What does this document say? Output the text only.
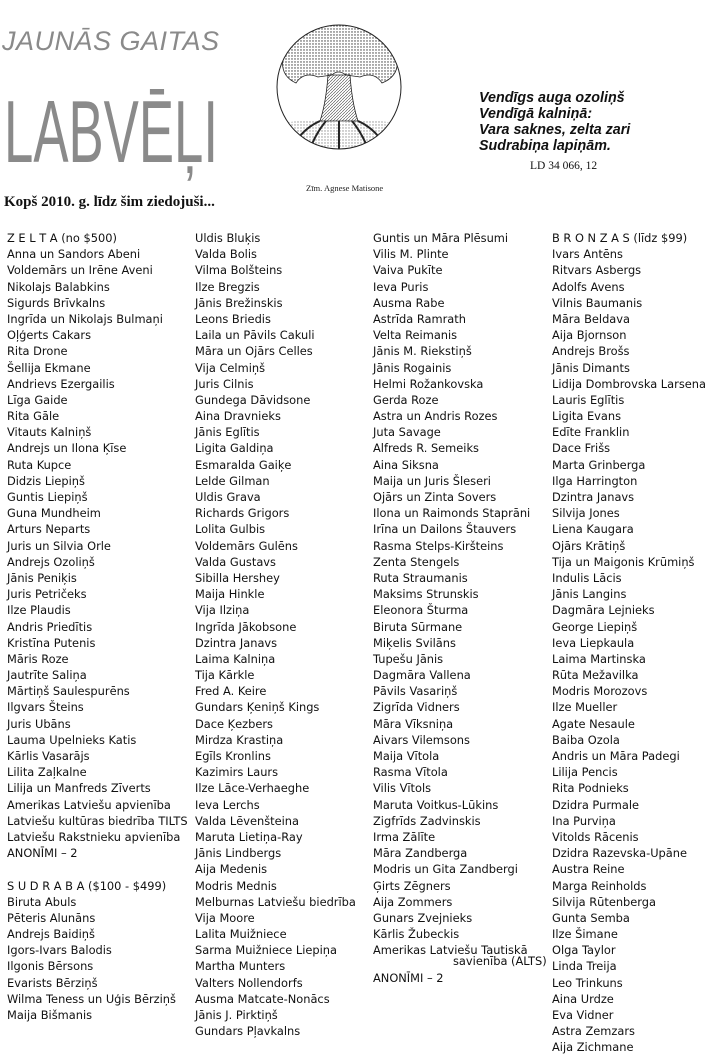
JAUNĀS GAITAS
LABVĒĻI
Zīm. Agnese Matisone
Vendīgs auga ozoliņš
Vendīgā kalniņā:
Vara saknes, zelta zari
Sudrabiņa lapiņām.
LD 34 066, 12
Kopš 2010. g. līdz šim ziedojuši...
Z E L T A (no $500)
Anna un Sandors Abeni
Voldemārs un Irēne Aveni
Nikolajs Balabkins
Sigurds Brīvkalns
Ingrīda un Nikolajs Bulmaņi
Oļģerts Cakars
Rita Drone
Šellija Ekmane
Andrievs Ezergailis
Līga Gaide
Rita Gāle
Vitauts Kalniņš
Andrejs un Ilona Ķīse
Ruta Kupce
Didzis Liepiņš
Guntis Liepiņš
Guna Mundheim
Arturs Neparts
Juris un Silvia Orle
Andrejs Ozoliņš
Jānis Peniķis
Juris Petričeks
Ilze Plaudis
Andris Priedītis
Kristīna Putenis
Māris Roze
Jautrīte Saliņa
Mārtiņš Saulespurēns
Ilgvars Šteins
Juris Ubāns
Lauma Upelnieks Katis
Kārlis Vasarājs
Lilita Zaļkalne
Lilija un Manfreds Zīverts
Amerikas Latviešu apvienība
Latviešu kultūras biedrība TILTS
Latviešu Rakstnieku apvienība
ANONĪMI – 2
S U D R A B A ($100 - $499)
Biruta Abuls
Pēteris Alunāns
Andrejs Baidiņš
Igors-Ivars Balodis
Ilgonis Bērsons
Evarists Bērziņš
Wilma Teness un Uģis Bērziņš
Maija Bišmanis
Uldis Bluķis
Valda Bolis
Vilma Bolšteins
Ilze Bregzis
Jānis Brežinskis
Leons Briedis
Laila un Pāvils Cakuli
Māra un Ojārs Celles
Vija Celmiņš
Juris Cilnis
Gundega Dāvidsone
Aina Dravnieks
Jānis Eglītis
Ligita Galdiņa
Esmaralda Gaiķe
Lelde Gilman
Uldis Grava
Richards Grigors
Lolita Gulbis
Voldemārs Gulēns
Valda Gustavs
Sibilla Hershey
Maija Hinkle
Vija Ilziņa
Ingrīda Jākobsone
Dzintra Janavs
Laima Kalniņa
Tija Kārkle
Fred A. Keire
Gundars Ķeniņš Kings
Dace Ķezbers
Mirdza Krastiņa
Egīls Kronlins
Kazimirs Laurs
Ilze Lāce-Verhaeghe
Ieva Lerchs
Valda Lēvenšteina
Maruta Lietiņa-Ray
Jānis Lindbergs
Aija Medenis
Modris Mednis
Melburnas Latviešu biedrība
Vija Moore
Lalita Muižniece
Sarma Muižniece Liepiņa
Martha Munters
Valters Nollendorfs
Ausma Matcate-Nonācs
Jānis J. Pirktiņš
Gundars Pļavkalns
Guntis un Māra Plēsumi
Vilis M. Plinte
Vaiva Pukīte
Ieva Puris
Ausma Rabe
Astrīda Ramrath
Velta Reimanis
Jānis M. Riekstiņš
Jānis Rogainis
Helmi Rožankovska
Gerda Roze
Astra un Andris Rozes
Juta Savage
Alfreds R. Semeiks
Aina Siksna
Maija un Juris Šleseri
Ojārs un Zinta Sovers
Ilona un Raimonds Staprāni
Irīna un Dailons Štauvers
Rasma Stelps-Kiršteins
Zenta Stengels
Ruta Straumanis
Maksims Strunskis
Eleonora Šturma
Biruta Sūrmane
Miķelis Svilāns
Tupešu Jānis
Dagmāra Vallena
Pāvils Vasariņš
Zigrīda Vidners
Māra Vīksniņa
Aivars Vilemsons
Maija Vītola
Rasma Vītola
Vilis Vītols
Maruta Voitkus-Lūkins
Zigfrīds Zadvinskis
Irma Zālīte
Māra Zandberga
Modris un Gita Zandbergi
Ģirts Zēgners
Aija Zommers
Gunars Zvejnieks
Kārlis Žubeckis
Amerikas Latviešu Tautiskā
savienība (ALTS)
ANONĪMI – 2
B R O N Z A S (līdz $99)
Ivars Antēns
Ritvars Asbergs
Adolfs Avens
Vilnis Baumanis
Māra Beldava
Aija Bjornson
Andrejs Brošs
Jānis Dimants
Lidija Dombrovska Larsena
Lauris Eglītis
Ligita Evans
Edīte Franklin
Dace Frišs
Marta Grinberga
Ilga Harrington
Dzintra Janavs
Silvija Jones
Liena Kaugara
Ojārs Krātiņš
Tija un Maigonis Krūmiņš
Indulis Lācis
Jānis Langins
Dagmāra Lejnieks
George Liepiņš
Ieva Liepkaula
Laima Martinska
Rūta Mežavilka
Modris Morozovs
Ilze Mueller
Agate Nesaule
Baiba Ozola
Andris un Māra Padegi
Lilija Pencis
Rita Podnieks
Dzidra Purmale
Ina Purviņa
Vitolds Rācenis
Dzidra Razevska-Upāne
Austra Reine
Marga Reinholds
Silvija Rūtenberga
Gunta Semba
Ilze Šimane
Olga Taylor
Linda Treija
Leo Trinkuns
Aina Urdze
Eva Vidner
Astra Zemzars
Aija Zichmane
